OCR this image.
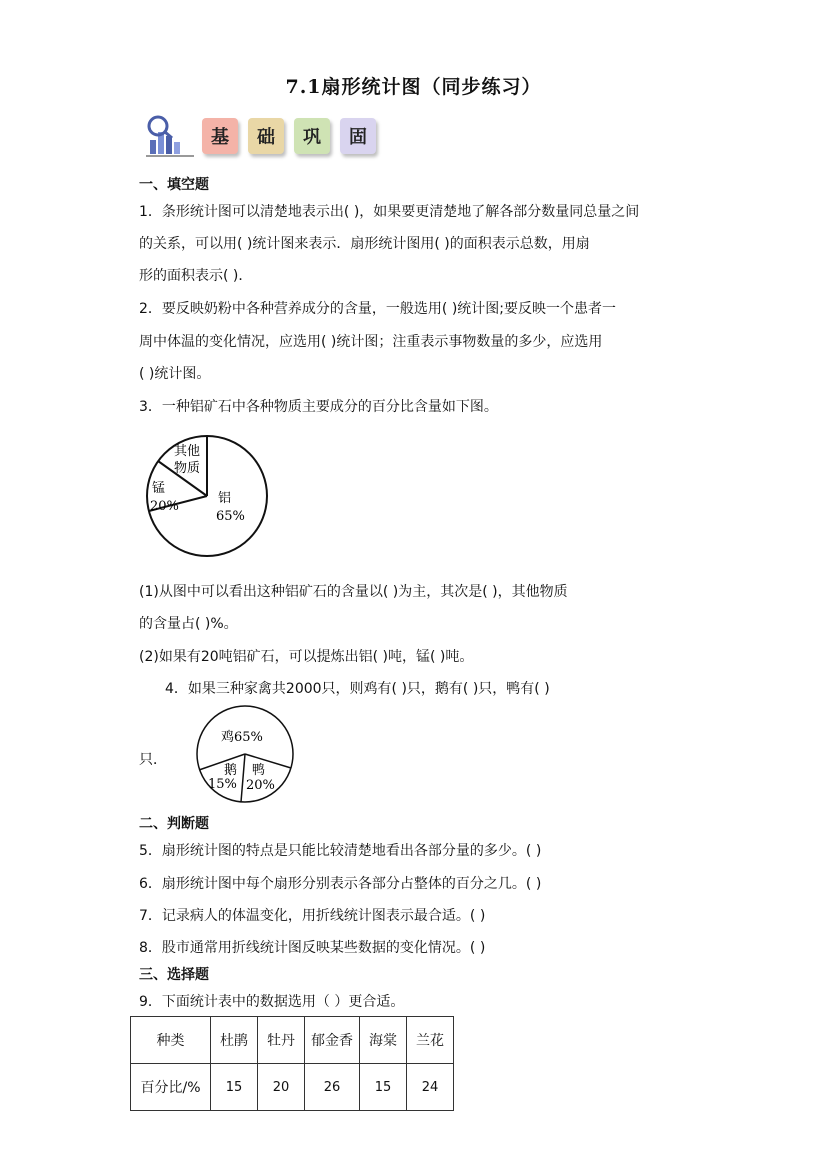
7.1扇形统计图（同步练习）
基	础	巩	固
一、填空题
1．条形统计图可以清楚地表示出( )，如果要更清楚地了解各部分数量同总量之间
的关系，可以用( )统计图来表示．扇形统计图用( )的面积表示总数，用扇
形的面积表示( )．
2．要反映奶粉中各种营养成分的含量，一般选用( )统计图;要反映一个患者一
周中体温的变化情况，应选用( )统计图；注重表示事物数量的多少，应选用
( )统计图。
3．一种铝矿石中各种物质主要成分的百分比含量如下图。
其他
物质
锰
20%
铝
65%
(1)从图中可以看出这种铝矿石的含量以( )为主，其次是( )，其他物质
的含量占( )%。
(2)如果有20吨铝矿石，可以提炼出铝( )吨，锰( )吨。
4．如果三种家禽共2000只，则鸡有( )只，鹅有( )只，鸭有( )
只．
鸡65%
鹅
15%
鸭
20%
二、判断题
5．扇形统计图的特点是只能比较清楚地看出各部分量的多少。( )
6．扇形统计图中每个扇形分别表示各部分占整体的百分之几。( )
7．记录病人的体温变化，用折线统计图表示最合适。( )
8．股市通常用折线统计图反映某些数据的变化情况。( )
三、选择题
9．下面统计表中的数据选用（ ）更合适。
种类	杜鹃	牡丹	郁金香	海棠	兰花
百分比/%	15	20	26	15	24
